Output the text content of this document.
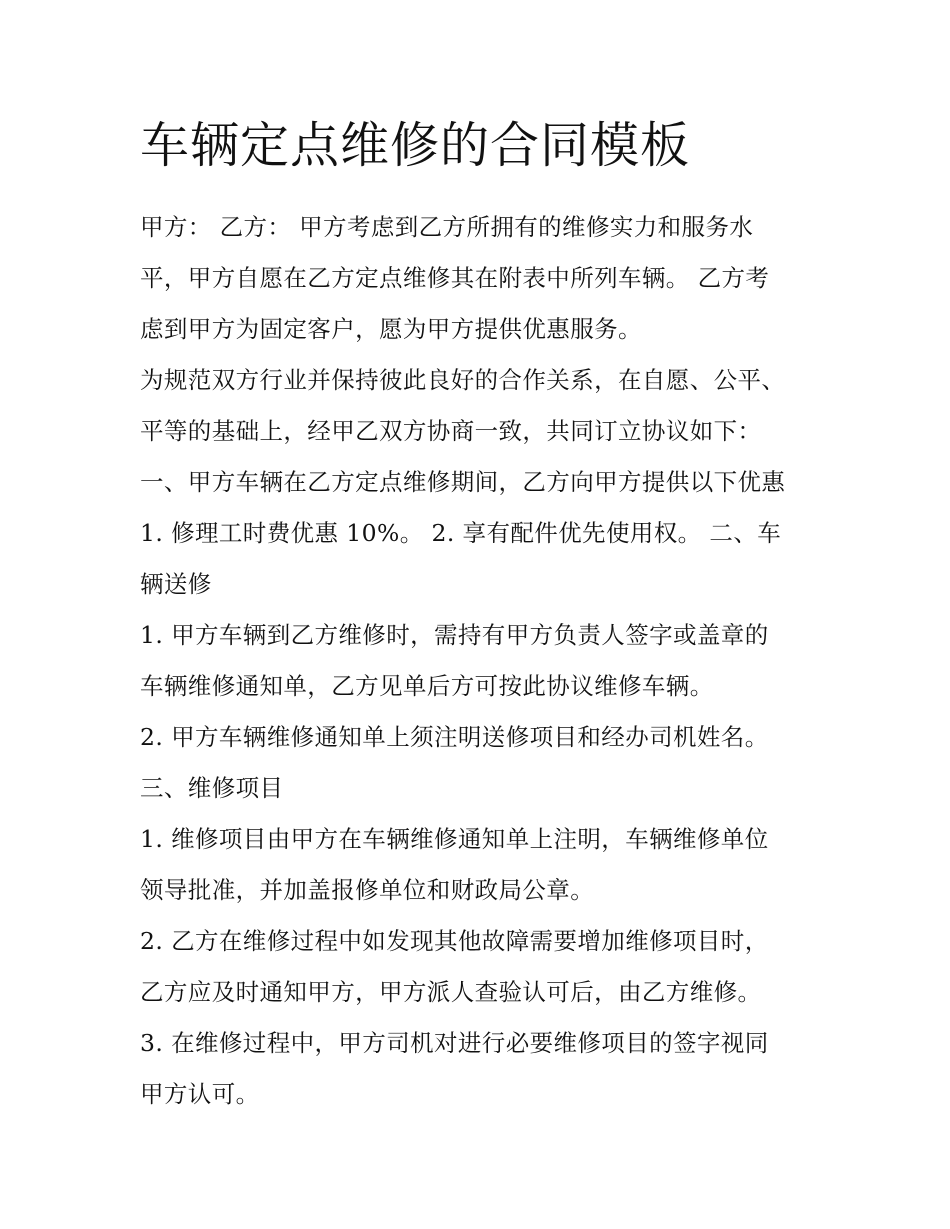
车辆定点维修的合同模板
甲方： 乙方： 甲方考虑到乙方所拥有的维修实力和服务水
平，甲方自愿在乙方定点维修其在附表中所列车辆。 乙方考
虑到甲方为固定客户，愿为甲方提供优惠服务。
为规范双方行业并保持彼此良好的合作关系，在自愿、公平、
平等的基础上，经甲乙双方协商一致，共同订立协议如下：
一、甲方车辆在乙方定点维修期间，乙方向甲方提供以下优惠
1. 修理工时费优惠 10%。 2. 享有配件优先使用权。 二、车
辆送修
1. 甲方车辆到乙方维修时，需持有甲方负责人签字或盖章的
车辆维修通知单，乙方见单后方可按此协议维修车辆。
2. 甲方车辆维修通知单上须注明送修项目和经办司机姓名。
三、维修项目
1. 维修项目由甲方在车辆维修通知单上注明，车辆维修单位
领导批准，并加盖报修单位和财政局公章。
2. 乙方在维修过程中如发现其他故障需要增加维修项目时，
乙方应及时通知甲方，甲方派人查验认可后，由乙方维修。
3. 在维修过程中，甲方司机对进行必要维修项目的签字视同
甲方认可。
